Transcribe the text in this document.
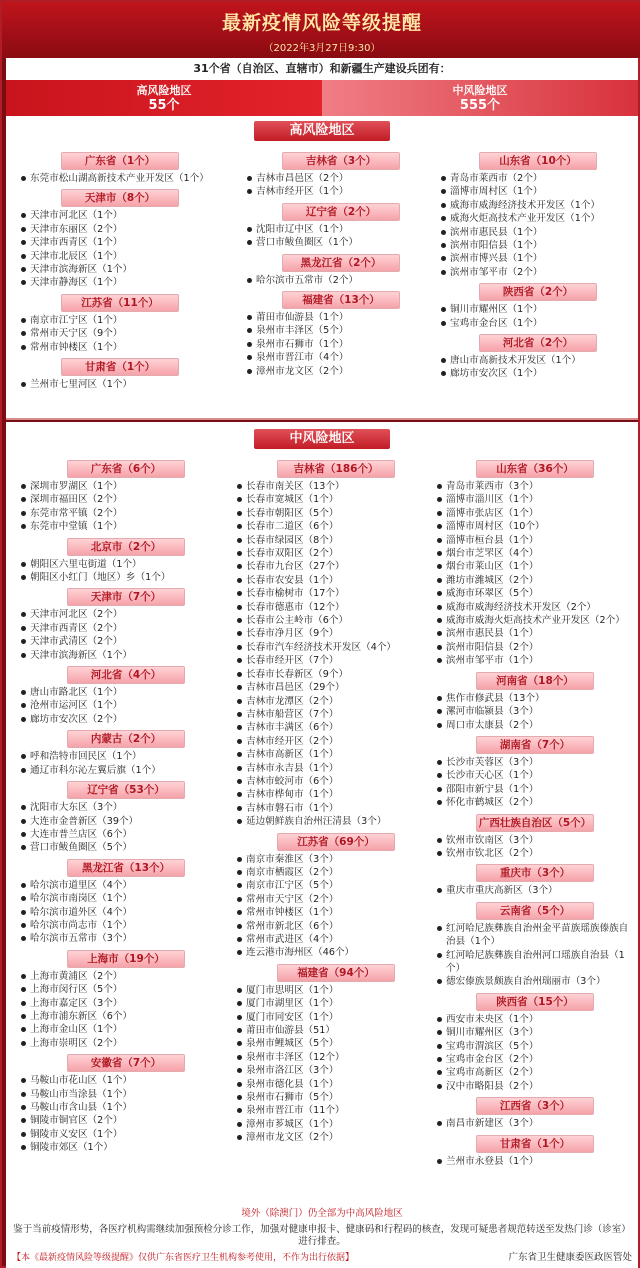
最新疫情风险等级提醒
（2022年3月27日9:30）
31个省（自治区、直辖市）和新疆生产建设兵团有：
高风险地区
55个
中风险地区
555个
高风险地区
广东省（1个）
东莞市松山湖高新技术产业开发区（1个）
天津市（8个）
天津市河北区（1个）
天津市东丽区（2个）
天津市西青区（1个）
天津市北辰区（1个）
天津市滨海新区（1个）
天津市静海区（1个）
江苏省（11个）
南京市江宁区（1个）
常州市天宁区（9个）
常州市钟楼区（1个）
甘肃省（1个）
兰州市七里河区（1个）
吉林省（3个）
吉林市昌邑区（2个）
吉林市经开区（1个）
辽宁省（2个）
沈阳市辽中区（1个）
营口市鲅鱼圈区（1个）
黑龙江省（2个）
哈尔滨市五常市（2个）
福建省（13个）
莆田市仙游县（1个）
泉州市丰泽区（5个）
泉州市石狮市（1个）
泉州市晋江市（4个）
漳州市龙文区（2个）
山东省（10个）
青岛市莱西市（2个）
淄博市周村区（1个）
威海市威海经济技术开发区（1个）
威海火炬高技术产业开发区（1个）
滨州市惠民县（1个）
滨州市阳信县（1个）
滨州市博兴县（1个）
滨州市邹平市（2个）
陕西省（2个）
铜川市耀州区（1个）
宝鸡市金台区（1个）
河北省（2个）
唐山市高新技术开发区（1个）
廊坊市安次区（1个）
中风险地区
广东省（6个）
深圳市罗湖区（1个）
深圳市福田区（2个）
东莞市常平镇（2个）
东莞市中堂镇（1个）
北京市（2个）
朝阳区六里屯街道（1个）
朝阳区小红门（地区）乡（1个）
天津市（7个）
天津市河北区（2个）
天津市西青区（2个）
天津市武清区（2个）
天津市滨海新区（1个）
河北省（4个）
唐山市路北区（1个）
沧州市运河区（1个）
廊坊市安次区（2个）
内蒙古（2个）
呼和浩特市回民区（1个）
通辽市科尔沁左翼后旗（1个）
辽宁省（53个）
沈阳市大东区（3个）
大连市金普新区（39个）
大连市普兰店区（6个）
营口市鲅鱼圈区（5个）
黑龙江省（13个）
哈尔滨市道里区（4个）
哈尔滨市南岗区（1个）
哈尔滨市道外区（4个）
哈尔滨市尚志市（1个）
哈尔滨市五常市（3个）
上海市（19个）
上海市黄浦区（2个）
上海市闵行区（5个）
上海市嘉定区（3个）
上海市浦东新区（6个）
上海市金山区（1个）
上海市崇明区（2个）
安徽省（7个）
马鞍山市花山区（1个）
马鞍山市当涂县（1个）
马鞍山市含山县（1个）
铜陵市铜官区（2个）
铜陵市义安区（1个）
铜陵市郊区（1个）
吉林省（186个）
长春市南关区（13个）
长春市宽城区（1个）
长春市朝阳区（5个）
长春市二道区（6个）
长春市绿园区（8个）
长春市双阳区（2个）
长春市九台区（27个）
长春市农安县（1个）
长春市榆树市（17个）
长春市德惠市（12个）
长春市公主岭市（6个）
长春市净月区（9个）
长春市汽车经济技术开发区（4个）
长春市经开区（7个）
长春市长春新区（9个）
吉林市昌邑区（29个）
吉林市龙潭区（2个）
吉林市船营区（7个）
吉林市丰满区（6个）
吉林市经开区（2个）
吉林市高新区（1个）
吉林市永吉县（1个）
吉林市蛟河市（6个）
吉林市桦甸市（1个）
吉林市磐石市（1个）
延边朝鲜族自治州汪清县（3个）
江苏省（69个）
南京市秦淮区（3个）
南京市栖霞区（2个）
南京市江宁区（5个）
常州市天宁区（2个）
常州市钟楼区（1个）
常州市新北区（6个）
常州市武进区（4个）
连云港市海州区（46个）
福建省（94个）
厦门市思明区（1个）
厦门市湖里区（1个）
厦门市同安区（1个）
莆田市仙游县（51）
泉州市鲤城区（5个）
泉州市丰泽区（12个）
泉州市洛江区（3个）
泉州市德化县（1个）
泉州市石狮市（5个）
泉州市晋江市（11个）
漳州市芗城区（1个）
漳州市龙文区（2个）
山东省（36个）
青岛市莱西市（3个）
淄博市淄川区（1个）
淄博市张店区（1个）
淄博市周村区（10个）
淄博市桓台县（1个）
烟台市芝罘区（4个）
烟台市莱山区（1个）
潍坊市潍城区（2个）
威海市环翠区（5个）
威海市威海经济技术开发区（2个）
威海市威海火炬高技术产业开发区（2个）
滨州市惠民县（1个）
滨州市阳信县（2个）
滨州市邹平市（1个）
河南省（18个）
焦作市修武县（13个）
漯河市临颍县（3个）
周口市太康县（2个）
湖南省（7个）
长沙市芙蓉区（3个）
长沙市天心区（1个）
邵阳市新宁县（1个）
怀化市鹤城区（2个）
广西壮族自治区（5个）
钦州市钦南区（3个）
钦州市钦北区（2个）
重庆市（3个）
重庆市重庆高新区（3个）
云南省（5个）
红河哈尼族彝族自治州金平苗族瑶族傣族自治县（1个）
红河哈尼族彝族自治州河口瑶族自治县（1个）
德宏傣族景颇族自治州瑞丽市（3个）
陕西省（15个）
西安市未央区（1个）
铜川市耀州区（3个）
宝鸡市渭滨区（5个）
宝鸡市金台区（2个）
宝鸡市高新区（2个）
汉中市略阳县（2个）
江西省（3个）
南昌市新建区（3个）
甘肃省（1个）
兰州市永登县（1个）
境外（除澳门）仍全部为中高风险地区
鉴于当前疫情形势，各医疗机构需继续加强预检分诊工作，加强对健康申报卡、健康码和行程码的核查，发现可疑患者规范转送至发热门诊（诊室）进行排查。
【本《最新疫情风险等级提醒》仅供广东省医疗卫生机构参考使用，不作为出行依据】	广东省卫生健康委医政医管处
